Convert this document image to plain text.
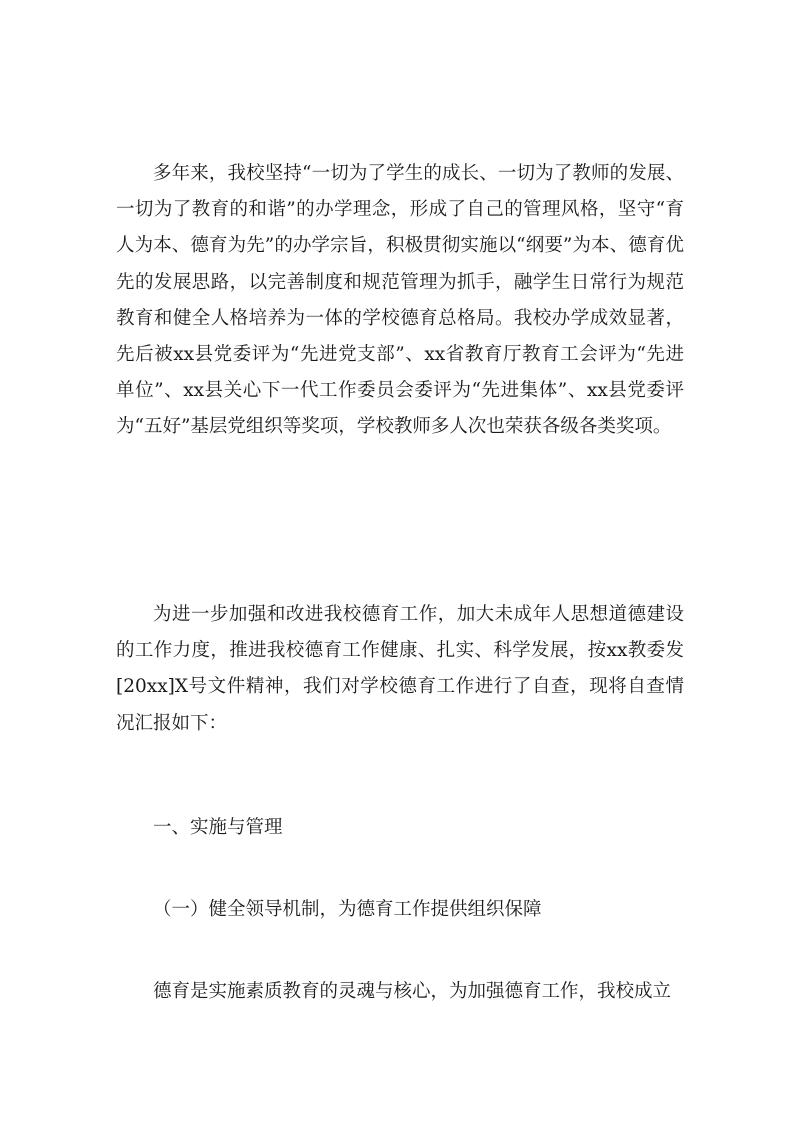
多年来，我校坚持“一切为了学生的成长、一切为了教师的发展、一切为了教育的和谐”的办学理念，形成了自己的管理风格，坚守“育人为本、德育为先”的办学宗旨，积极贯彻实施以“纲要”为本、德育优先的发展思路，以完善制度和规范管理为抓手，融学生日常行为规范教育和健全人格培养为一体的学校德育总格局。我校办学成效显著，先后被xx县党委评为“先进党支部”、xx省教育厅教育工会评为“先进单位”、xx县关心下一代工作委员会委评为“先进集体”、xx县党委评为“五好”基层党组织等奖项，学校教师多人次也荣获各级各类奖项。

为进一步加强和改进我校德育工作，加大未成年人思想道德建设的工作力度，推进我校德育工作健康、扎实、科学发展，按xx教委发[20xx]X号文件精神，我们对学校德育工作进行了自查，现将自查情况汇报如下：

一、实施与管理

（一）健全领导机制，为德育工作提供组织保障

德育是实施素质教育的灵魂与核心，为加强德育工作，我校成立
